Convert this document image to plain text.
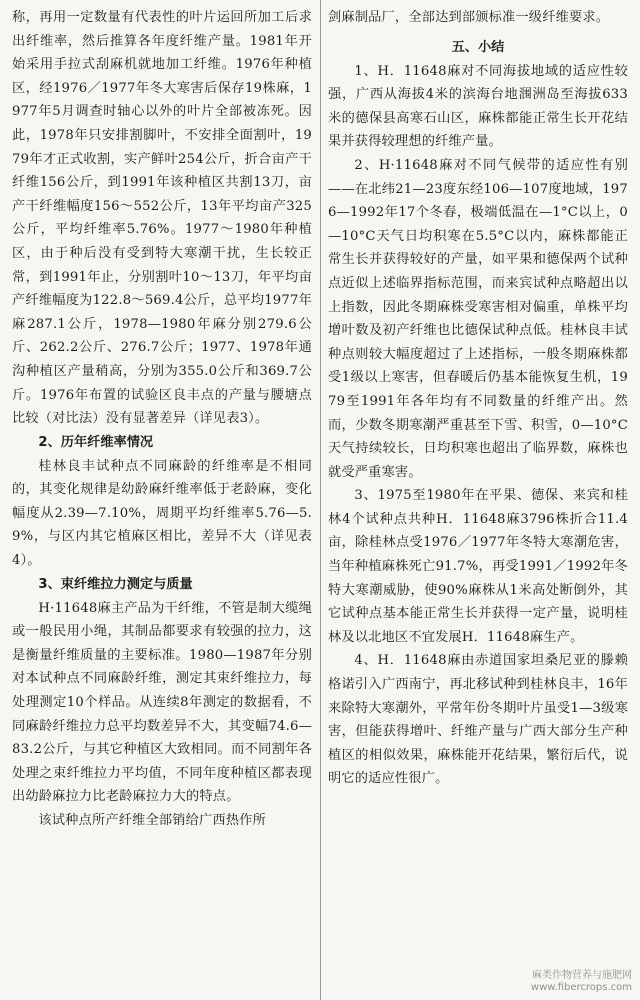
称，再用一定数量有代表性的叶片运回所加工后求出纤维率，然后推算各年度纤维产量。1981年开始采用手拉式刮麻机就地加工纤维。1976年种植区，经1976／1977年冬大寒害后保存19株麻，1977年5月调查时轴心以外的叶片全部被冻死。因此，1978年只安排割脚叶，不安排全面割叶，1979年才正式收割，实产鲜叶254公斤，折合亩产干纤维156公斤，到1991年该种植区共割13刀，亩产干纤维幅度156～552公斤，13年平均亩产325公斤，平均纤维率5.76%。1977～1980年种植区，由于种后没有受到特大寒潮干扰，生长较正常，到1991年止，分别割叶10～13刀，年平均亩产纤维幅度为122.8～569.4公斤，总平均1977年麻287.1公斤，1978—1980年麻分别279.6公斤、262.2公斤、276.7公斤；1977、1978年通沟种植区产量稍高，分别为355.0公斤和369.7公斤。1976年布置的试验区良丰点的产量与腰塘点比较（对比法）没有显著差异（详见表3）。

2、历年纤维率情况

桂林良丰试种点不同麻龄的纤维率是不相同的，其变化规律是幼龄麻纤维率低于老龄麻，变化幅度从2.39—7.10%，周期平均纤维率5.76—5.9%，与区内其它植麻区相比，差异不大（详见表4）。

3、束纤维拉力测定与质量

H·11648麻主产品为干纤维，不管是制大缆绳或一般民用小绳，其制品都要求有较强的拉力，这是衡量纤维质量的主要标准。1980—1987年分别对本试种点不同麻龄纤维，测定其束纤维拉力，每处理测定10个样品。从连续8年测定的数据看，不同麻龄纤维拉力总平均数差异不大，其变幅74.6—83.2公斤，与其它种植区大致相同。而不同割年各处理之束纤维拉力平均值，不同年度种植区都表现出幼龄麻拉力比老龄麻拉力大的特点。

该试种点所产纤维全部销给广西热作所

剑麻制品厂，全部达到部颁标准一级纤维要求。

五、小结

1、H．11648麻对不同海拔地域的适应性较强，广西从海拔4米的滨海台地涠洲岛至海拔633米的德保县高寒石山区，麻株都能正常生长开花结果并获得较理想的纤维产量。

2、H·11648麻对不同气候带的适应性有别——在北纬21—23度东经106—107度地域，1976—1992年17个冬春，极端低温在—1°C以上，0—10°C天气日均积寒在5.5°C以内，麻株都能正常生长并获得较好的产量，如平果和德保两个试种点近似上述临界指标范围，而来宾试种点略超出以上指数，因此冬期麻株受寒害相对偏重，单株平均增叶数及初产纤维也比德保试种点低。桂林良丰试种点则较大幅度超过了上述指标，一般冬期麻株都受1级以上寒害，但春暖后仍基本能恢复生机，1979至1991年各年均有不同数量的纤维产出。然而，少数冬期寒潮严重甚至下雪、积雪，0—10°C天气持续较长，日均积寒也超出了临界数，麻株也就受严重寒害。

3、1975至1980年在平果、德保、来宾和桂林4个试种点共种H．11648麻3796株折合11.4亩，除桂林点受1976／1977年冬特大寒潮危害，当年种植麻株死亡91.7%，再受1991／1992年冬特大寒潮威胁，使90%麻株从1米高处断倒外，其它试种点基本能正常生长并获得一定产量，说明桂林及以北地区不宜发展H．11648麻生产。

4、H．11648麻由赤道国家坦桑尼亚的滕赖格诺引入广西南宁，再北移试种到桂林良丰，16年来除特大寒潮外，平常年份冬期叶片虽受1—3级寒害，但能获得增叶、纤维产量与广西大部分生产种植区的相似效果，麻株能开花结果，繁衍后代，说明它的适应性很广。

麻类作物营养与施肥网
www.fibercrops.com
